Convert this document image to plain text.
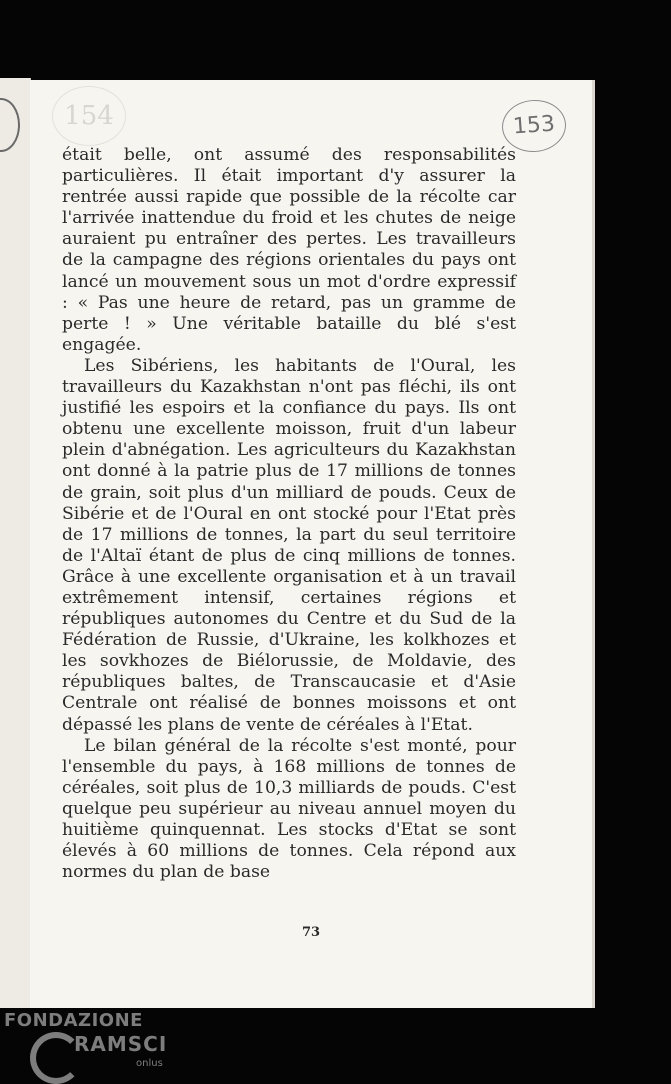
154	153

était belle, ont assumé des responsabilités particulières. Il était important d'y assurer la rentrée aussi rapide que possible de la récolte car l'arrivée inattendue du froid et les chutes de neige auraient pu entraîner des pertes. Les travailleurs de la campagne des régions orientales du pays ont lancé un mouvement sous un mot d'ordre expressif : « Pas une heure de retard, pas un gramme de perte ! » Une véritable bataille du blé s'est engagée.

Les Sibériens, les habitants de l'Oural, les travailleurs du Kazakhstan n'ont pas fléchi, ils ont justifié les espoirs et la confiance du pays. Ils ont obtenu une excellente moisson, fruit d'un labeur plein d'abnégation. Les agriculteurs du Kazakhstan ont donné à la patrie plus de 17 millions de tonnes de grain, soit plus d'un milliard de pouds. Ceux de Sibérie et de l'Oural en ont stocké pour l'Etat près de 17 millions de tonnes, la part du seul territoire de l'Altaï étant de plus de cinq millions de tonnes. Grâce à une excellente organisation et à un travail extrêmement intensif, certaines régions et républiques autonomes du Centre et du Sud de la Fédération de Russie, d'Ukraine, les kolkhozes et les sovkhozes de Biélorussie, de Moldavie, des républiques baltes, de Transcaucasie et d'Asie Centrale ont réalisé de bonnes moissons et ont dépassé les plans de vente de céréales à l'Etat.

Le bilan général de la récolte s'est monté, pour l'ensemble du pays, à 168 millions de tonnes de céréales, soit plus de 10,3 milliards de pouds. C'est quelque peu supérieur au niveau annuel moyen du huitième quinquennat. Les stocks d'Etat se sont élevés à 60 millions de tonnes. Cela répond aux normes du plan de base

73
FONDAZIONE
RAMSCI
onlus
